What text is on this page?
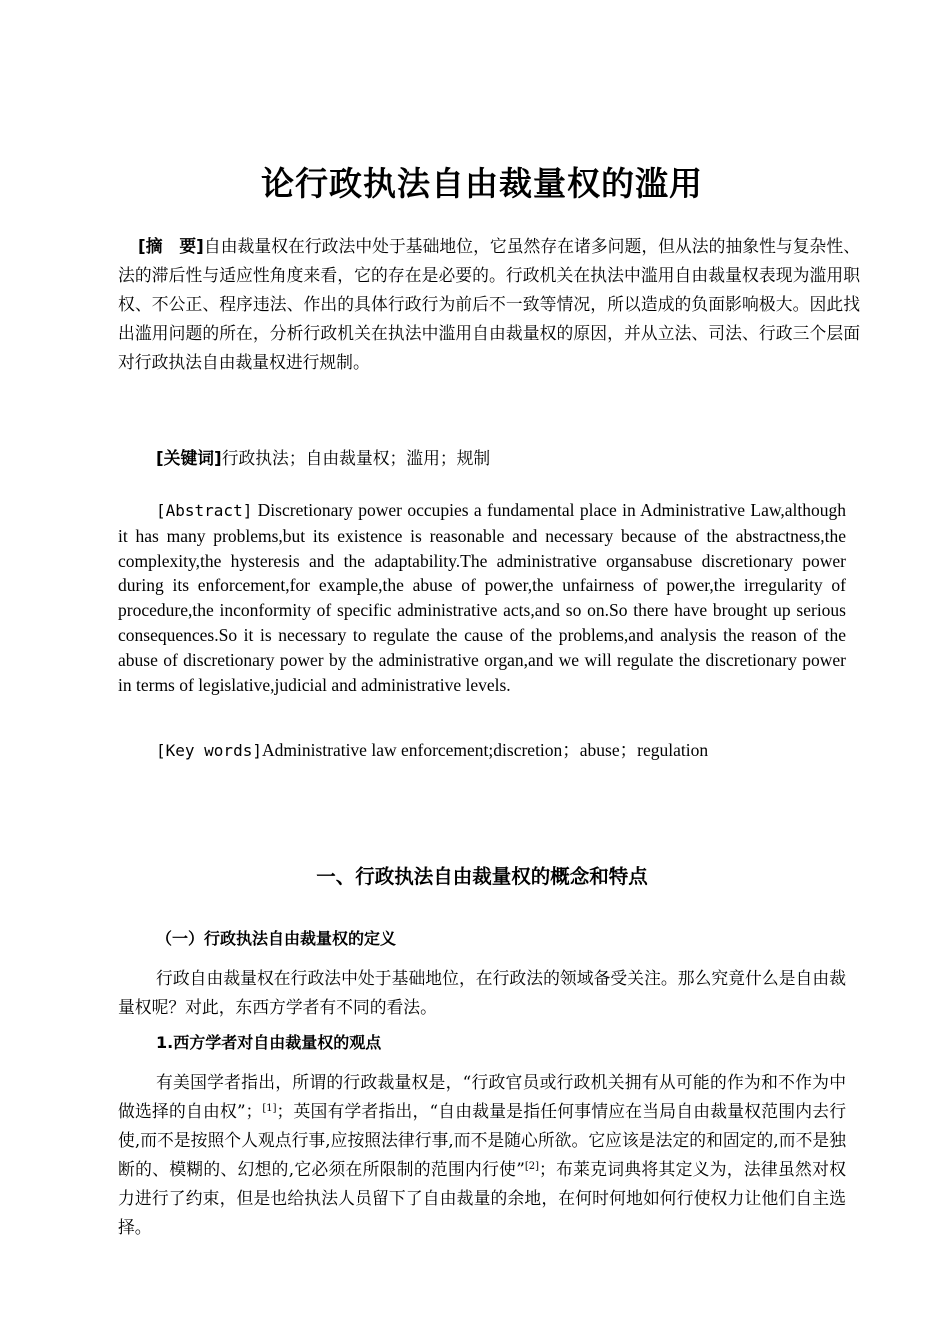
论行政执法自由裁量权的滥用

[摘　要]自由裁量权在行政法中处于基础地位，它虽然存在诸多问题，但从法的抽象性与复杂性、法的滞后性与适应性角度来看，它的存在是必要的。行政机关在执法中滥用自由裁量权表现为滥用职权、不公正、程序违法、作出的具体行政行为前后不一致等情况，所以造成的负面影响极大。因此找出滥用问题的所在，分析行政机关在执法中滥用自由裁量权的原因，并从立法、司法、行政三个层面对行政执法自由裁量权进行规制。

[关键词]行政执法；自由裁量权；滥用；规制

[Abstract] Discretionary power occupies a fundamental place in Administrative Law,although it has many problems,but its existence is reasonable and necessary because of the abstractness,the complexity,the hysteresis and the adaptability.The administrative organsabuse discretionary power during its enforcement,for example,the abuse of power,the unfairness of power,the irregularity of procedure,the inconformity of specific administrative acts,and so on.So there have brought up serious consequences.So it is necessary to regulate the cause of the problems,and analysis the reason of the abuse of discretionary power by the administrative organ,and we will regulate the discretionary power in terms of legislative,judicial and administrative levels.

[Key words]Administrative law enforcement;discretion；abuse；regulation

一、行政执法自由裁量权的概念和特点
（一）行政执法自由裁量权的定义

行政自由裁量权在行政法中处于基础地位，在行政法的领域备受关注。那么究竟什么是自由裁量权呢？对此，东西方学者有不同的看法。

1.西方学者对自由裁量权的观点

有美国学者指出，所谓的行政裁量权是，“行政官员或行政机关拥有从可能的作为和不作为中做选择的自由权”；[1]；英国有学者指出，“自由裁量是指任何事情应在当局自由裁量权范围内去行使,而不是按照个人观点行事,应按照法律行事,而不是随心所欲。它应该是法定的和固定的,而不是独断的、模糊的、幻想的,它必须在所限制的范围内行使”[2]；布莱克词典将其定义为，法律虽然对权力进行了约束，但是也给执法人员留下了自由裁量的余地，在何时何地如何行使权力让他们自主选择。
